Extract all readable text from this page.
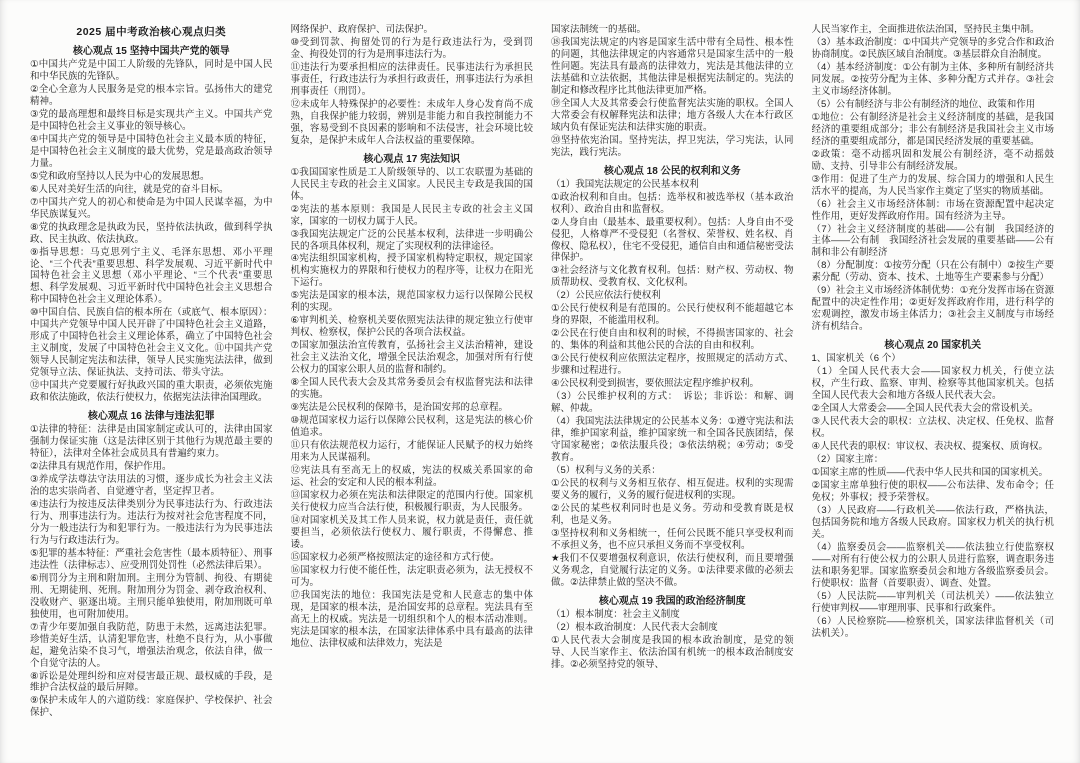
2025 届中考政治核心观点归类
核心观点 15 坚持中国共产党的领导

①中国共产党是中国工人阶级的先锋队，同时是中国人民和中华民族的先锋队。

②全心全意为人民服务是党的根本宗旨。弘扬伟大的建党精神。

③党的最高理想和最终目标是实现共产主义。中国共产党是中国特色社会主义事业的领导核心。

④中国共产党的领导是中国特色社会主义最本质的特征，是中国特色社会主义制度的最大优势，党是最高政治领导力量。

⑤党和政府坚持以人民为中心的发展思想。

⑥人民对美好生活的向往，就是党的奋斗目标。

⑦中国共产党人的初心和使命是为中国人民谋幸福，为中华民族谋复兴。

⑧党的执政理念是执政为民，坚持依法执政，做到科学执政、民主执政、依法执政。

⑨指导思想：马克思列宁主义、毛泽东思想、邓小平理论、“三个代表”重要思想、科学发展观、习近平新时代中国特色社会主义思想（邓小平理论、“三个代表”重要思想、科学发展观、习近平新时代中国特色社会主义思想合称中国特色社会主义理论体系）。

⑩中国自信、民族自信的根本所在（或底气、根本原因）：中国共产党领导中国人民开辟了中国特色社会主义道路，形成了中国特色社会主义理论体系，确立了中国特色社会主义制度，发展了中国特色社会主义文化。⑪中国共产党领导人民制定宪法和法律，领导人民实施宪法法律，做到党领导立法、保证执法、支持司法、带头守法。

⑫中国共产党要履行好执政兴国的重大职责，必须依宪施政和依法施政，依法行使权力，依据宪法法律治国理政。

核心观点 16 法律与违法犯罪

①法律的特征：法律是由国家制定或认可的，法律由国家强制力保证实施（这是法律区别于其他行为规范最主要的特征），法律对全体社会成员具有普遍约束力。

②法律具有规范作用，保护作用。

③养成学法尊法守法用法的习惯，逐步成长为社会主义法治的忠实崇尚者、自觉遵守者，坚定捍卫者。

④违法行为按违反法律类别分为民事违法行为、行政违法行为、刑事违法行为。违法行为按对社会危害程度不同，分为一般违法行为和犯罪行为。一般违法行为为民事违法行为与行政违法行为。

⑤犯罪的基本特征：严重社会危害性（最本质特征）、刑事违法性（法律标志）、应受刑罚处罚性（必然法律后果）。

⑥刑罚分为主刑和附加刑。主刑分为管制、拘役、有期徒刑、无期徒刑、死刑。附加刑分为罚金、剥夺政治权利、没收财产、驱逐出境。主刑只能单独使用，附加刑既可单独使用，也可附加使用。

⑦青少年要加强自我防范，防患于未然，远离违法犯罪。珍惜美好生活，认清犯罪危害，杜绝不良行为，从小事做起，避免沾染不良习气，增强法治观念，依法自律，做一个自觉守法的人。

⑧诉讼是处理纠纷和应对侵害最正规、最权威的手段，是维护合法权益的最后屏障。

⑨保护未成年人的六道防线：家庭保护、学校保护、社会保护、

网络保护、政府保护、司法保护。

⑩受到罚款、拘留处罚的行为是行政违法行为，受到罚金、拘役处罚的行为是刑事违法行为。

⑪违法行为要承担相应的法律责任。民事违法行为承担民事责任，行政违法行为承担行政责任，刑事违法行为承担刑事责任（刑罚）。

⑫未成年人特殊保护的必要性：未成年人身心发育尚不成熟，自我保护能力较弱，辨别是非能力和自我控制能力不强，容易受到不良因素的影响和不法侵害，社会环境比较复杂，是保护未成年人合法权益的重要保障。

核心观点 17 宪法知识

①我国国家性质是工人阶级领导的、以工农联盟为基础的人民民主专政的社会主义国家。人民民主专政是我国的国体。

②宪法的基本原则：我国是人民民主专政的社会主义国家，国家的一切权力属于人民。

③我国宪法规定广泛的公民基本权利，法律进一步明确公民的各项具体权利，规定了实现权利的法律途径。

④宪法组织国家机构，授予国家机构特定职权，规定国家机构实施权力的界限和行使权力的程序等，让权力在阳光下运行。

⑤宪法是国家的根本法，规范国家权力运行以保障公民权利的实现。

⑥审判机关、检察机关要依照宪法法律的规定独立行使审判权、检察权，保护公民的各项合法权益。

⑦国家加强法治宣传教育，弘扬社会主义法治精神，建设社会主义法治文化，增强全民法治观念，加强对所有行使公权力的国家公职人员的监督和制约。

⑧全国人民代表大会及其常务委员会有权监督宪法和法律的实施。

⑨宪法是公民权利的保障书，是治国安邦的总章程。

⑩规范国家权力运行以保障公民权利，这是宪法的核心价值追求。

⑪只有依法规范权力运行，才能保证人民赋予的权力始终用来为人民谋福利。

⑫宪法具有至高无上的权威，宪法的权威关系国家的命运、社会的安定和人民的根本利益。

⑬国家权力必须在宪法和法律限定的范围内行使。国家机关行使权力应当合法行使，积极履行职责，为人民服务。

⑭对国家机关及其工作人员来说，权力就是责任，责任就要担当，必须依法行使权力、履行职责，不得懈怠、推诿。

⑮国家权力必须严格按照法定的途径和方式行使。

⑯国家权力行使不能任性，法定职责必须为，法无授权不可为。

⑰我国宪法的地位：我国宪法是党和人民意志的集中体现，是国家的根本法，是治国安邦的总章程。宪法具有至高无上的权威。宪法是一切组织和个人的根本活动准则。宪法是国家的根本法，在国家法律体系中具有最高的法律地位、法律权威和法律效力，宪法是

国家法制统一的基础。

⑱我国宪法规定的内容是国家生活中带有全局性、根本性的问题，其他法律规定的内容通常只是国家生活中的一般性问题。宪法具有最高的法律效力，宪法是其他法律的立法基础和立法依据，其他法律是根据宪法制定的。宪法的制定和修改程序比其他法律更加严格。

⑲全国人大及其常委会行使监督宪法实施的职权。全国人大常委会有权解释宪法和法律；地方各级人大在本行政区域内负有保证宪法和法律实施的职责。

⑳坚持依宪治国。坚持宪法，捍卫宪法，学习宪法，认同宪法，践行宪法。

核心观点 18 公民的权利和义务

（1）我国宪法规定的公民基本权利

①政治权利和自由。包括：选举权和被选举权（基本政治权利）、政治自由和监督权。

②人身自由（最基本、最重要权利）。包括：人身自由不受侵犯，人格尊严不受侵犯（名誉权、荣誉权、姓名权、肖像权、隐私权），住宅不受侵犯，通信自由和通信秘密受法律保护。

③社会经济与文化教育权利。包括：财产权、劳动权、物质帮助权、受教育权、文化权利。

（2）公民应依法行使权利

①公民行使权利是有范围的。公民行使权利不能超越它本身的界限，不能滥用权利。

②公民在行使自由和权利的时候，不得损害国家的、社会的、集体的利益和其他公民的合法的自由和权利。

③公民行使权利应依照法定程序，按照规定的活动方式、步骤和过程进行。

④公民权利受到损害，要依照法定程序维护权利。

（3）公民维护权利的方式：　诉讼；非诉讼：和解、调解、仲裁。

（4）我国宪法法律规定的公民基本义务：①遵守宪法和法律，维护国家利益，维护国家统一和全国各民族团结，保守国家秘密；②依法服兵役；③依法纳税；④劳动；⑤受教育。

（5）权利与义务的关系：

①公民的权利与义务相互依存、相互促进。权利的实现需要义务的履行，义务的履行促进权利的实现。

②公民的某些权利同时也是义务。劳动和受教育既是权利，也是义务。

③坚持权利和义务相统一，任何公民既不能只享受权利而不承担义务，也不应只承担义务而不享受权利。

★我们不仅要增强权利意识，依法行使权利，而且要增强义务观念，自觉履行法定的义务。①法律要求做的必须去做。②法律禁止做的坚决不做。

核心观点 19 我国的政治经济制度

（1）根本制度：社会主义制度

（2）根本政治制度：人民代表大会制度

①人民代表大会制度是我国的根本政治制度，是党的领导、人民当家作主、依法治国有机统一的根本政治制度安排。②必须坚持党的领导、

人民当家作主，全面推进依法治国，坚持民主集中制。

（3）基本政治制度：①中国共产党领导的多党合作和政治协商制度。②民族区域自治制度。③基层群众自治制度。

（4）基本经济制度：①公有制为主体、多种所有制经济共同发展。②按劳分配为主体、多种分配方式并存。③社会主义市场经济体制。

（5）公有制经济与非公有制经济的地位、政策和作用

①地位：公有制经济是社会主义经济制度的基础，是我国经济的重要组成部分；非公有制经济是我国社会主义市场经济的重要组成部分，都是国民经济发展的重要基础。

②政策：毫不动摇巩固和发展公有制经济，毫不动摇鼓励、支持、引导非公有制经济发展。

③作用：促进了生产力的发展、综合国力的增强和人民生活水平的提高，为人民当家作主奠定了坚实的物质基础。

（6）社会主义市场经济体制：市场在资源配置中起决定性作用，更好发挥政府作用。国有经济为主导。

（7）社会主义经济制度的基础——公有制　我国经济的主体——公有制　我国经济社会发展的重要基础——公有制和非公有制经济

（8）分配制度：①按劳分配（只在公有制中）②按生产要素分配（劳动、资本、技术、土地等生产要素参与分配）

（9）社会主义市场经济体制优势：①充分发挥市场在资源配置中的决定性作用；②更好发挥政府作用，进行科学的宏观调控，激发市场主体活力；③社会主义制度与市场经济有机结合。

核心观点 20 国家机关

1、国家机关（6 个）

（1）全国人民代表大会——国家权力机关，行使立法权，产生行政、监察、审判、检察等其他国家机关。包括全国人民代表大会和地方各级人民代表大会。

②全国人大常委会——全国人民代表大会的常设机关。

③人民代表大会的职权：立法权、决定权、任免权、监督权。

④人民代表的职权：审议权、表决权、提案权、质询权。

（2）国家主席：

①国家主席的性质——代表中华人民共和国的国家机关。

②国家主席单独行使的职权——公布法律、发布命令；任免权；外事权；授予荣誉权。

（3）人民政府——行政机关——依法行政，严格执法，包括国务院和地方各级人民政府。国家权力机关的执行机关。

（4）监察委员会——监察机关——依法独立行使监察权——对所有行使公权力的公职人员进行监察，调查职务违法和职务犯罪。国家监察委员会和地方各级监察委员会。行使职权：监督（首要职责）、调查、处置。

（5）人民法院——审判机关（司法机关）——依法独立行使审判权——审理刑事、民事和行政案件。

（6）人民检察院——检察机关，国家法律监督机关（司法机关）。
